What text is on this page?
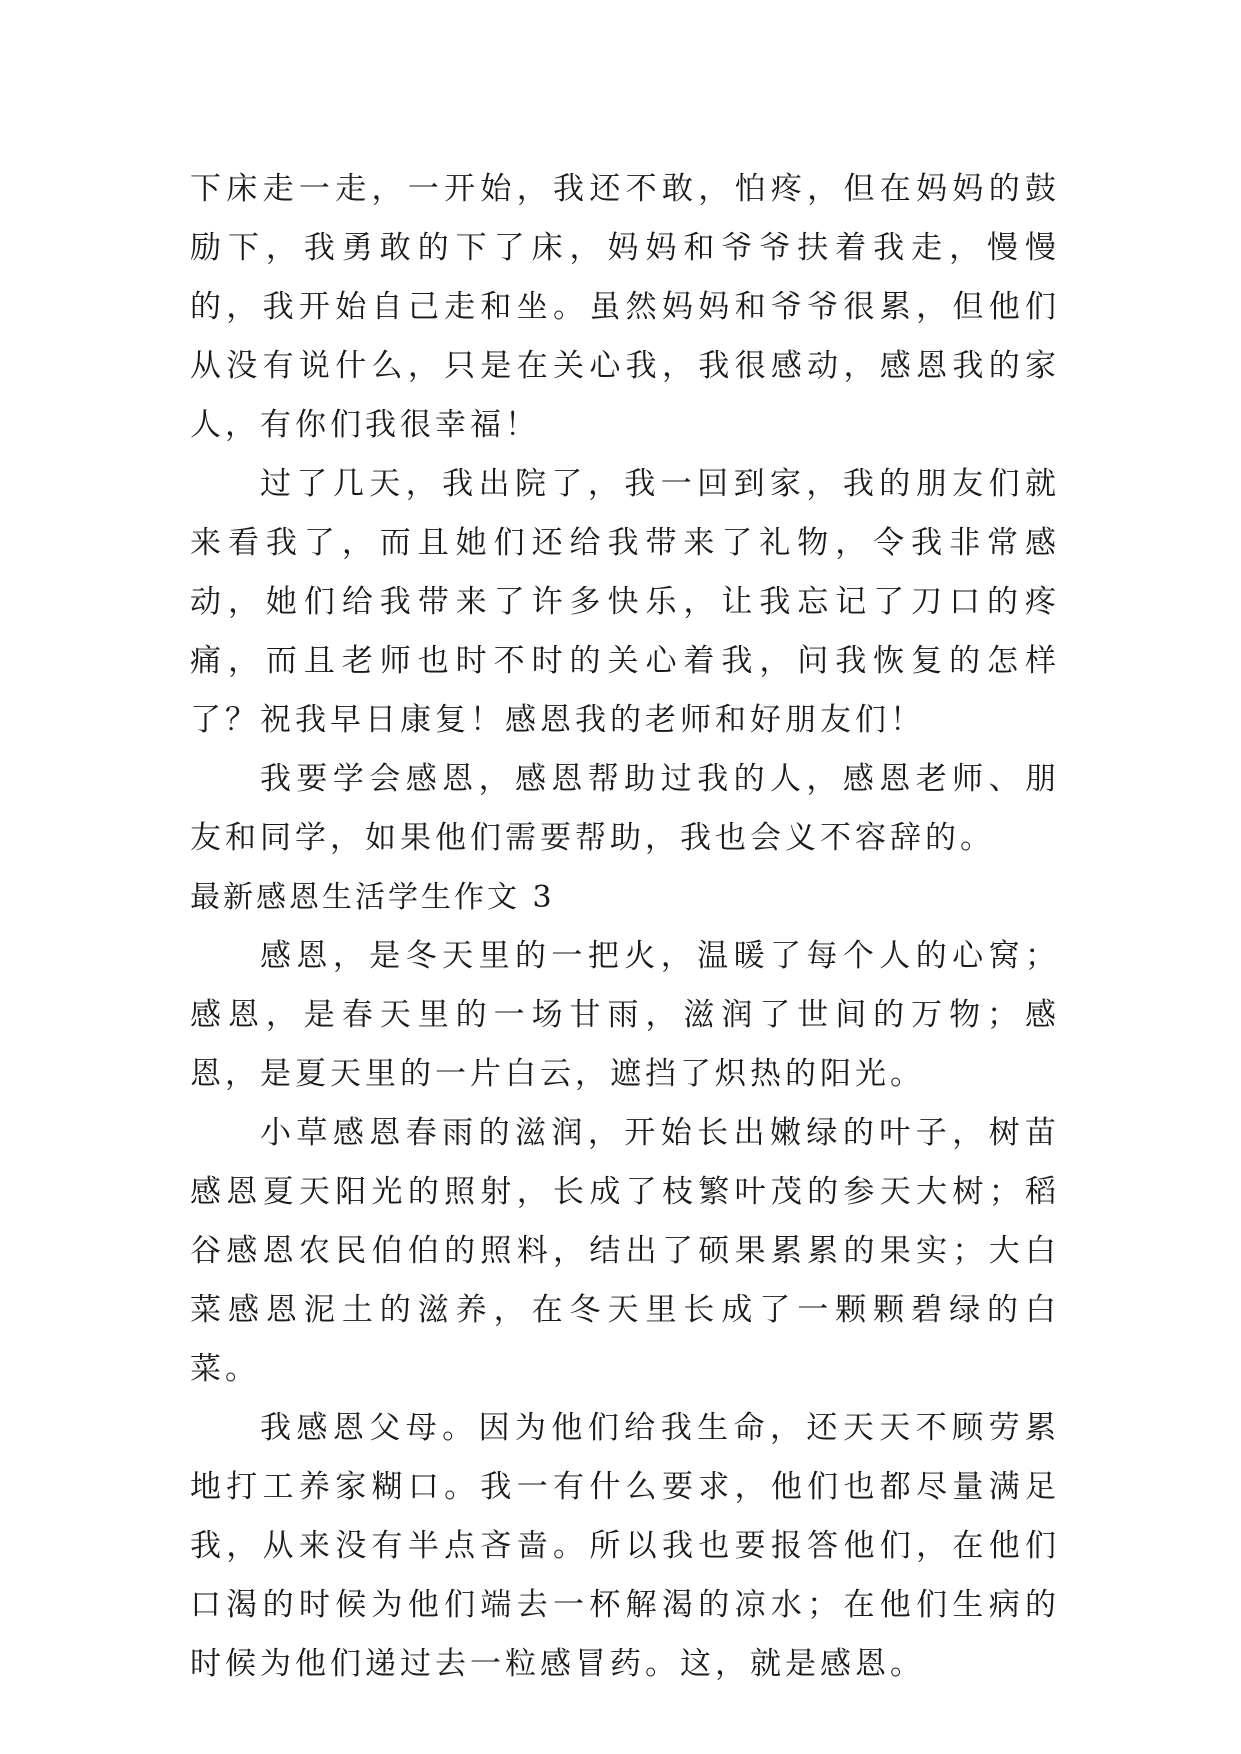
下床走一走，一开始，我还不敢，怕疼，但在妈妈的鼓励下，我勇敢的下了床，妈妈和爷爷扶着我走，慢慢的，我开始自己走和坐。虽然妈妈和爷爷很累，但他们从没有说什么，只是在关心我，我很感动，感恩我的家人，有你们我很幸福！

过了几天，我出院了，我一回到家，我的朋友们就来看我了，而且她们还给我带来了礼物，令我非常感动，她们给我带来了许多快乐，让我忘记了刀口的疼痛，而且老师也时不时的关心着我，问我恢复的怎样了？祝我早日康复！感恩我的老师和好朋友们！

我要学会感恩，感恩帮助过我的人，感恩老师、朋友和同学，如果他们需要帮助，我也会义不容辞的。

最新感恩生活学生作文 3

感恩，是冬天里的一把火，温暖了每个人的心窝；感恩，是春天里的一场甘雨，滋润了世间的万物；感恩，是夏天里的一片白云，遮挡了炽热的阳光。

小草感恩春雨的滋润，开始长出嫩绿的叶子，树苗感恩夏天阳光的照射，长成了枝繁叶茂的参天大树；稻谷感恩农民伯伯的照料，结出了硕果累累的果实；大白菜感恩泥土的滋养，在冬天里长成了一颗颗碧绿的白菜。

我感恩父母。因为他们给我生命，还天天不顾劳累地打工养家糊口。我一有什么要求，他们也都尽量满足我，从来没有半点吝啬。所以我也要报答他们，在他们口渴的时候为他们端去一杯解渴的凉水；在他们生病的时候为他们递过去一粒感冒药。这，就是感恩。
